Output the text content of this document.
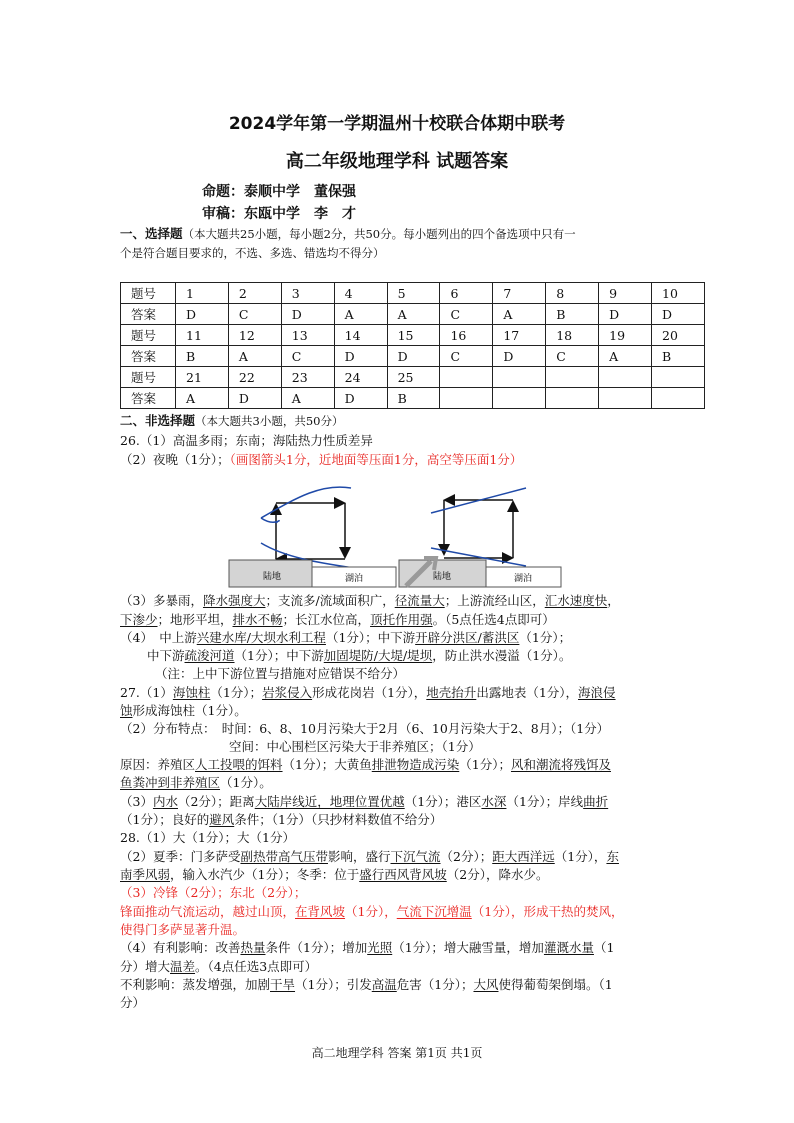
2024学年第一学期温州十校联合体期中联考
高二年级地理学科 试题答案
命题：泰顺中学　董保强
审稿：东瓯中学　李　才
一、选择题（本大题共25小题，每小题2分，共50分。每小题列出的四个备选项中只有一
个是符合题目要求的，不选、多选、错选均不得分）
题号	1	2	3	4	5	6	7	8	9	10
答案	D	C	D	A	A	C	A	B	D	D
题号	11	12	13	14	15	16	17	18	19	20
答案	B	A	C	D	D	C	D	C	A	B
题号	21	22	23	24	25					
答案	A	D	A	D	B					
二、非选择题（本大题共3小题，共50分）
26.（1）高温多雨；东南；海陆热力性质差异
（2）夜晚（1分）；（画图箭头1分，近地面等压面1分，高空等压面1分）
陆地	湖泊	陆地	湖泊
（3）多暴雨，降水强度大；支流多/流域面积广，径流量大；上游流经山区，汇水速度快，
下渗少；地形平坦，排水不畅；长江水位高，顶托作用强。（5点任选4点即可）
（4）　中上游兴建水库/大坝水利工程（1分）；中下游开辟分洪区/蓄洪区（1分）；
中下游疏浚河道（1分）；中下游加固堤防/大堤/堤坝，防止洪水漫溢（1分）。
（注：上中下游位置与措施对应错误不给分）
27.（1）海蚀柱（1分）；岩浆侵入形成花岗岩（1分），地壳抬升出露地表（1分），海浪侵
蚀形成海蚀柱（1分）。
（2）分布特点：　时间：6、8、10月污染大于2月（6、10月污染大于2、8月）；（1分）
空间：中心围栏区污染大于非养殖区；（1分）
原因：养殖区人工投喂的饵料（1分）；大黄鱼排泄物造成污染（1分）；风和潮流将残饵及
鱼粪冲到非养殖区（1分）。
（3）内水（2分）；距离大陆岸线近，地理位置优越（1分）；港区水深（1分）；岸线曲折
（1分）；良好的避风条件；（1分）（只抄材料数值不给分）
28.（1）大（1分）；大（1分）
（2）夏季：门多萨受副热带高气压带影响，盛行下沉气流（2分）；距大西洋远（1分），东
南季风弱，输入水汽少（1分）；冬季：位于盛行西风背风坡（2分），降水少。
（3）冷锋（2分）；东北（2分）；
锋面推动气流运动，越过山顶，在背风坡（1分），气流下沉增温（1分），形成干热的焚风，
使得门多萨显著升温。
（4）有利影响：改善热量条件（1分）；增加光照（1分）；增大融雪量，增加灌溉水量（1
分）增大温差。（4点任选3点即可）
不利影响：蒸发增强，加剧干旱（1分）；引发高温危害（1分）；大风使得葡萄架倒塌。（1
分）
高二地理学科 答案 第1页 共1页
